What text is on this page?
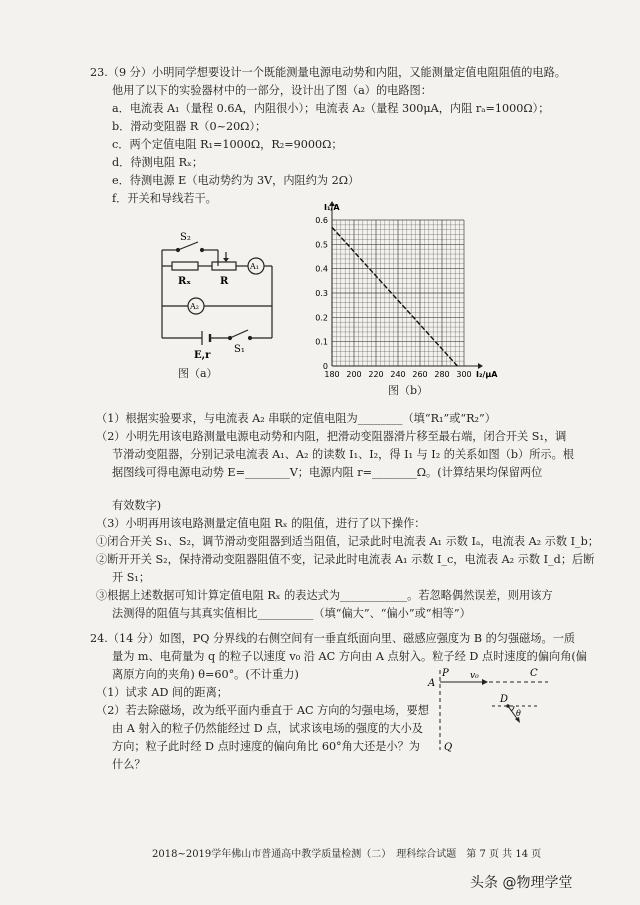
23.（9 分）小明同学想要设计一个既能测量电源电动势和内阻，又能测量定值电阻阻值的电路。
他用了以下的实验器材中的一部分，设计出了图（a）的电路图：
a．电流表 A₁（量程 0.6A，内阻很小）；电流表 A₂（量程 300μA，内阻 rₐ=1000Ω）；
b．滑动变阻器 R（0~20Ω）；
c．两个定值电阻 R₁=1000Ω，R₂=9000Ω；
d．待测电阻 Rₓ；
e．待测电源 E（电动势约为 3V，内阻约为 2Ω）
f．开关和导线若干。
S₂
Rₓ	R
A₁
A₂
E,r
S₁
图（a）	180 200 220 240 260 280 300
0.1
0.2
0.3
0.4
0.5
0.6
0
I₂/μA
I₁/A
图（b）
（1）根据实验要求，与电流表 A₂ 串联的定值电阻为________（填“R₁”或“R₂”）
（2）小明先用该电路测量电源电动势和内阻，把滑动变阻器滑片移至最右端，闭合开关 S₁，调
节滑动变阻器，分别记录电流表 A₁、A₂ 的读数 I₁、I₂，得 I₁ 与 I₂ 的关系如图（b）所示。根
据图线可得电源电动势 E=________V；电源内阻 r=________Ω。(计算结果均保留两位
有效数字)
（3）小明再用该电路测量定值电阻 Rₓ 的阻值，进行了以下操作：
①闭合开关 S₁、S₂，调节滑动变阻器到适当阻值，记录此时电流表 A₁ 示数 Iₐ，电流表 A₂ 示数 I_b；
②断开开关 S₂，保持滑动变阻器阻值不变，记录此时电流表 A₁ 示数 I_c，电流表 A₂ 示数 I_d；后断
开 S₁；
③根据上述数据可知计算定值电阻 Rₓ 的表达式为____________。若忽略偶然误差，则用该方
法测得的阻值与其真实值相比__________（填“偏大”、“偏小”或“相等”）
24.（14 分）如图，PQ 分界线的右侧空间有一垂直纸面向里、磁感应强度为 B 的匀强磁场。一质
量为 m、电荷量为 q 的粒子以速度 v₀ 沿 AC 方向由 A 点射入。粒子经 D 点时速度的偏向角(偏
离原方向的夹角) θ=60°。(不计重力)
（1）试求 AD 间的距离；
（2）若去除磁场，改为纸平面内垂直于 AC 方向的匀强电场，要想
由 A 射入的粒子仍然能经过 D 点，试求该电场的强度的大小及
方向；粒子此时经 D 点时速度的偏向角比 60°角大还是小？为
什么？
P
A
v₀	C
D
θ
Q
2018~2019学年佛山市普通高中教学质量检测（二）　理科综合试题　第 7 页 共 14 页
头条 @物理学堂
